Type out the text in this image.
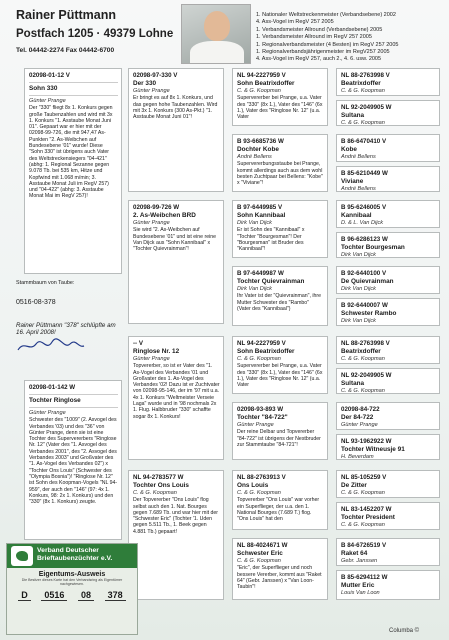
Rainer Püttmann
Postfach 1205 · 49379 Lohne
Tel. 04442-2274 Fax 04442-6700
1. Nationaler Weltstreckenmeister (Verbandsebene) 2002
4. Ass-Vogel im RegV 257 2005
1. Verbandsmeister Allround (Verbandsebene) 2005
1. Verbandsmeister Allround im RegV 257 2005
1. Regionalverbandsmeister (4 Besten) im RegV 257 2005
1. Regionalverbandsjährigenmeister im RegV257 2005
4. Ass-Vogel im RegV 257, auch 2., 4. 6. usw. 2005
02098-01-12 V
Sohn 330
Günter Prange
Der "330" fliegt 8x 1. Konkurs gegen große Taubenzahlen und wird mit 3x 1. Konkurs "1. Asstaube Monat Juni 01". Gepaart war er hier mit der 02098-99-726, die mit 947,47 As-Punkten "2. As-Weibchen auf Bundesebene '01" wurde! Diese "Sohn 330" ist übrigens auch Vater des Weltstreckensiegers "04-421" (abhg: 1. Regional Sezanne gegen 9.078 Tb. bei 535 km, Hitze und Kopfwind mit 1.068 m/min; 3. Asstaube Monat Juli im RegV 257) und "04-422" (abhg: 3. Asstaube Monat Mai im RegV 257)!
02098-97-330 V
Der 330
Günter Prange
Er bringt es auf 8x 1. Konkurs, und das gegen hohe Taubenzahlen. Wird mit 3x 1. Konkurs (300 As-Pkt.) "1. Asstaube Monat Juni 01"!
02098-99-726 W
2. As-Weibchen BRD
Günter Prange
Sie wird "2. As-Weibchen auf Bundesebene '01" und ist eine reine Van Dijck aus "Sohn Kannibaal" x "Tochter Quievrainman"!
NL 94-2227959 V
Sohn Beatrixdoffer
C. & G. Koopman
Supervererber bei Prange, u.a. Vater des "330" (8x 1.), Vater des "146" (6x 1.), Vater des "Ringlose Nr. 12" (u.a. Vater
B 93-6685736 W
Dochter Kobe
André Bellens
Supervererbungsstaube bei Prange, kommt allerdings auch aus dem wohl besten Zuchtpaar bei Bellens: "Kobe" x "Viviane"!
B 97-6449985 V
Sohn Kannibaal
Dirk Van Dijck
Er ist Sohn des "Kannibaal" x "Tochter "Bourgesman"! Der "Bourgesman" ist Bruder des "Kannibaal"!
B 97-6449987 W
Tochter Quievrainman
Dirk Van Dijck
Ihr Vater ist der "Quievrainman", ihre Mutter Schwester des "Rambo" (Vater des "Kannibaal")
NL 88-2763998 V
Beatrixdoffer
C. & G. Koopman
NL 92-2049905 W
Sultana
C. & G. Koopman
B 86-6470410 V
Kobe
André Bellens
B 85-6210449 W
Viviane
André Bellens
B 95-6246005 V
Kannibaal
D. & L. Van Dijck
B 96-6286123 W
Tochter Bourgesman
Dirk Van Dijck
B 92-6440100 V
De Quievrainman
Dirk Van Dijck
B 92-6440007 W
Schwester Rambo
Dirk Van Dijck
Stammbaum von Taube:
0516-08-378
Rainer Püttmann "378" schlüpfte am 16. April 2008!
02098-01-142 W
Tochter Ringlose
Günter Prange
Schwester des "1009" (2. Asvogel des Verbandes '03) und des "36" von Günter Prange, denn sie ist eine Tochter des Supervererbers "Ringlose Nr. 12" (Vater des "1. Asvogel des Verbandes 2001", des "2. Asvogel des Verbandes 2003" und Großvater des "1. As-Vogel des Verbandes 02") x "Tochter Ons Louis" (Schwester des "Olympia Bosnia")! "Ringlose Nr. 12" ist Sohn des Koopman-Vogels "NL 94-959", der auch den "146" (97: 4x 1. Konkurs, 98: 2x 1. Konkurs) und den "330" (8x 1. Konkurs) zeugte.
-- V
Ringlose Nr. 12
Günter Prange
Topvererber, so ist er Vater des "1. As-Vogel des Verbandes '01 und Großvater des 1. As-Vogel des Verbandes '02! Dazu ist er Zuchtvater von 02098-95-146, der im '97 mit u.a. 4x 1. Konkurs "Weltmeister Verseie Laga" wurde und in '98 nochmals 2x 1. Flug. Halbbruder "330" schaffte sogar 8x 1. Konkurs!
NL 94-2783577 W
Tochter Ons Louis
C. & G. Koopman
Der Topvererber "Ons Louis" flog selbst auch den 1. Nat. Bourges gegen 7.689 Tb. und war hier mit der "Schwester Eric" (Tochter '1. Uden gegen 5.511 Tb., 1. Beek gegen 4.881 Tb.) gepaart!
NL 94-2227959 V
Sohn Beatrixdoffer
C. & G. Koopman
Supervererber bei Prange, u.a. Vater des "330" (8x 1.), Vater des "146" (6x 1.), Vater des "Ringlose Nr. 12" (u.a. Vater
02098-93-893 W
Tochter "84-722"
Günter Prange
Der reine Delbar und Topvererber "84-722" ist übrigens der Nestbruder zur Stammtaube "84-721"!
NL 88-2763913 V
Ons Louis
C. & G. Koopman
Topvererber "Ons Louis" war vorher ein Superflieger, der u.a. den 1. National Bourges (7.689 T.) flog. "Ons Louis" hat den
NL 88-4024671 W
Schwester Eric
C. & G. Koopman
"Eric", der Superflieger und noch bessere Vererber, kommt aus "Raket 64" (Gebr. Janssen) x "Van Loon-Taubin"!
NL 88-2763998 V
Beatrixdoffer
C. & G. Koopman
NL 92-2049905 W
Sultana
C. & G. Koopman
02098-84-722
Der 84-722
Günter Prange
NL 93-1962922 W
Tochter Witneusje 91
H. Beverdam
NL 85-105259 V
De Zitter
C. & G. Koopman
NL 83-1452207 W
Tochter President
C. & G. Koopman
B 84-6726519 V
Raket 64
Gebr. Janssen
B 85-6294112 W
Mutter Eric
Louis Van Loon
Verband Deutscher Brieftaubenzüchter e.V.
Eigentums-Ausweis
Die Besitzer dieses Karte hat den Verbandsring als Eigentümer nachgewiesen.
D	0516	08	378
Columba ©
